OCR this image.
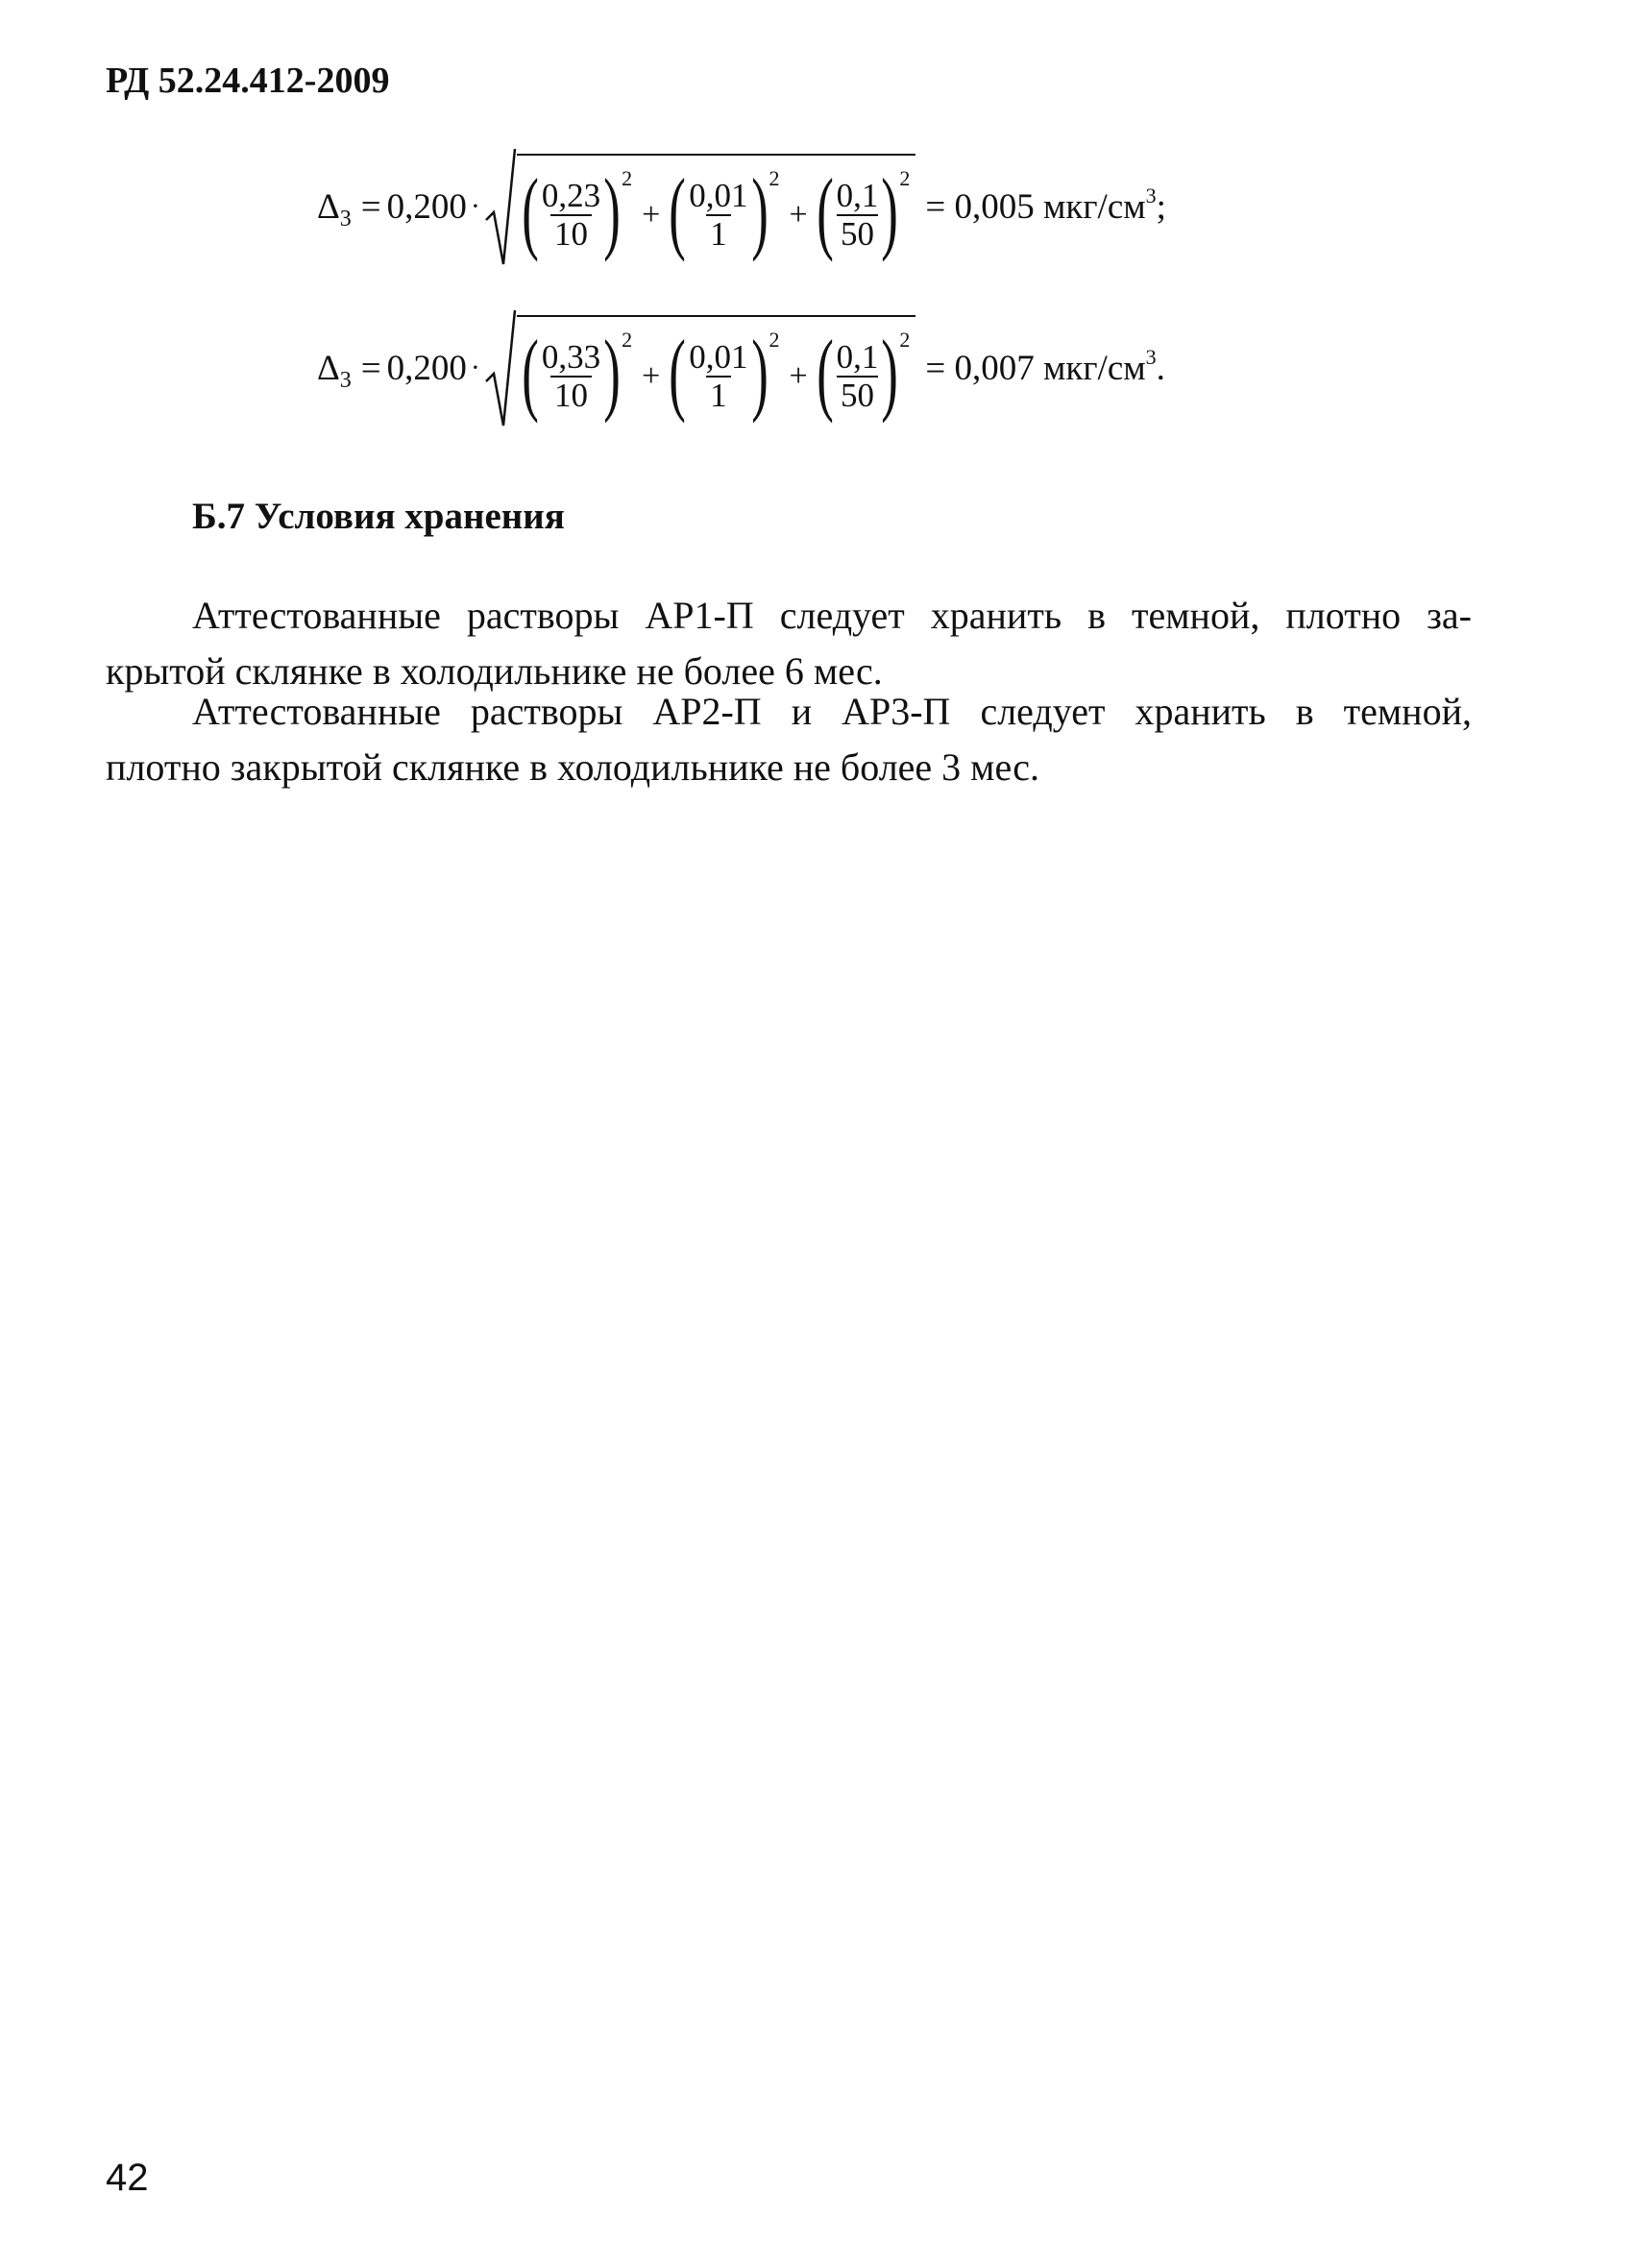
РД 52.24.412-2009
Δ 3 = 0,200 · ( $\frac{0,23}{10}$ ) 2
+ ( $\frac{0,01}{1}$ ) 2
+ ( $\frac{0,1}{50}$ ) 2
= 0,005 мкг/см 3 ;
Δ 3 = 0,200 · ( $\frac{0,33}{10}$ ) 2
+ ( $\frac{0,01}{1}$ ) 2
+ ( $\frac{0,1}{50}$ ) 2
= 0,007 мкг/см 3 .
Б.7 Условия хранения
Аттестованные растворы АР1-П следует хранить в темной, плотно за-
крытой склянке в холодильнике не более 6 мес.
Аттестованные растворы АР2-П и АР3-П следует хранить в темной,
плотно закрытой склянке в холодильнике не более 3 мес.
42
